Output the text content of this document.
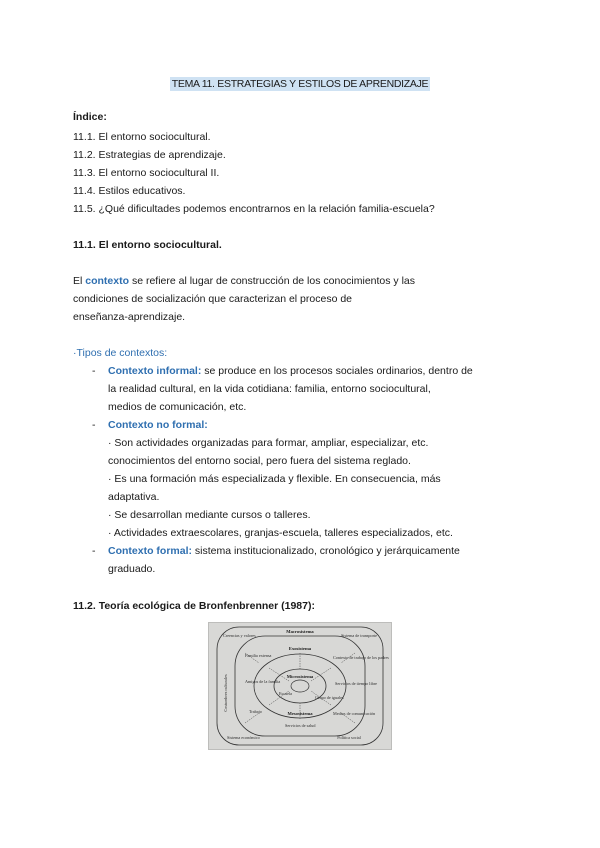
TEMA 11. ESTRATEGIAS Y ESTILOS DE APRENDIZAJE
Índice:
11.1. El entorno sociocultural.
11.2. Estrategias de aprendizaje.
11.3. El entorno sociocultural II.
11.4. Estilos educativos.
11.5. ¿Qué dificultades podemos encontrarnos en la relación familia-escuela?
11.1. El entorno sociocultural.
El contexto se refiere al lugar de construcción de los conocimientos y las
condiciones de socialización que caracterizan el proceso de
enseñanza-aprendizaje.
·Tipos de contextos:
- Contexto informal: se produce en los procesos sociales ordinarios, dentro de
la realidad cultural, en la vida cotidiana: familia, entorno sociocultural,
medios de comunicación, etc.
- Contexto no formal:
· Son actividades organizadas para formar, ampliar, especializar, etc.
conocimientos del entorno social, pero fuera del sistema reglado.
· Es una formación más especializada y flexible. En consecuencia, más
adaptativa.
· Se desarrollan mediante cursos o talleres.
· Actividades extraescolares, granjas-escuela, talleres especializados, etc.
- Contexto formal: sistema institucionalizado, cronológico y jerárquicamente
graduado.
11.2. Teoría ecológica de Bronfenbrenner (1987):
Macrosistema
Exosistema
Microsistema
Mesosistema
Creencias y valores
Familia extensa
Sistema de transporte
Contexto de trabajo de los padres
Amigos de la familia
Escuela
Servicios de tiempo libre
Trabajo
Servicios de salud
Grupo de iguales
Medios de comunicación
Sistema económico	Política social
Costumbres culturales
